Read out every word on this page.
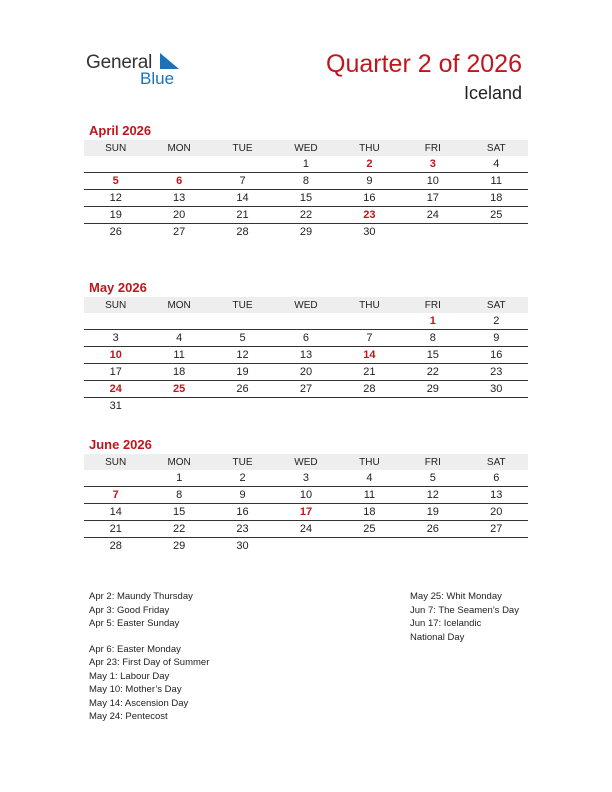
General
Blue
Quarter 2 of 2026
Iceland
April 2026
SUN	MON	TUE	WED	THU	FRI	SAT
			1	2	3	4
5	6	7	8	9	10	11
12	13	14	15	16	17	18
19	20	21	22	23	24	25
26	27	28	29	30		
May 2026
SUN	MON	TUE	WED	THU	FRI	SAT
					1	2
3	4	5	6	7	8	9
10	11	12	13	14	15	16
17	18	19	20	21	22	23
24	25	26	27	28	29	30
31						
June 2026
SUN	MON	TUE	WED	THU	FRI	SAT
	1	2	3	4	5	6
7	8	9	10	11	12	13
14	15	16	17	18	19	20
21	22	23	24	25	26	27
28	29	30				
Apr 2: Maundy Thursday
Apr 3: Good Friday
Apr 5: Easter Sunday
Apr 6: Easter Monday
Apr 23: First Day of Summer
May 1: Labour Day
May 10: Mother’s Day
May 14: Ascension Day
May 24: Pentecost
May 25: Whit Monday
Jun 7: The Seamen’s Day
Jun 17: Icelandic
National Day
